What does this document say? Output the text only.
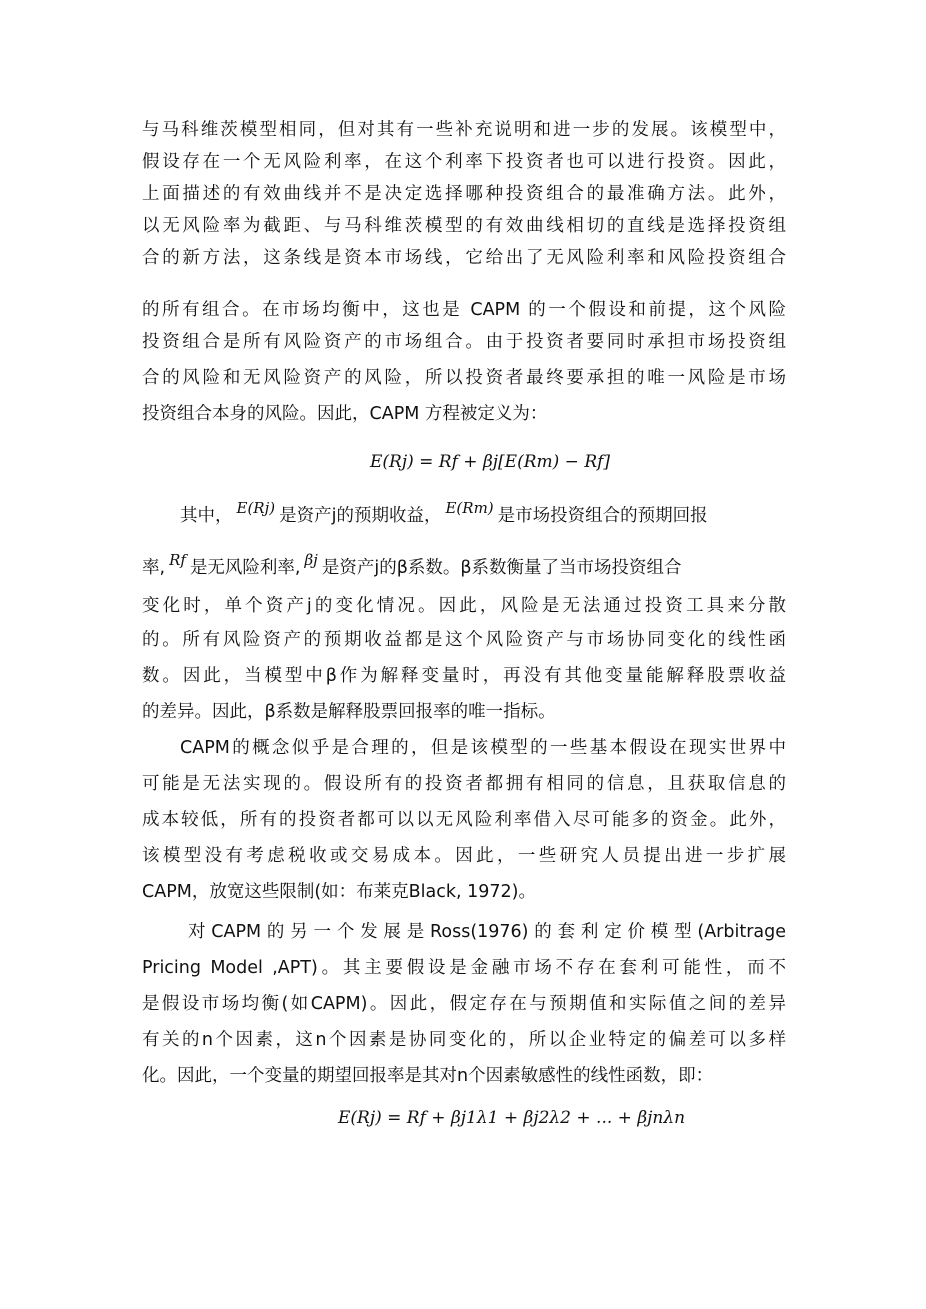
与马科维茨模型相同，但对其有一些补充说明和进一步的发展。该模型中，
假设存在一个无风险利率，在这个利率下投资者也可以进行投资。因此，
上面描述的有效曲线并不是决定选择哪种投资组合的最准确方法。此外，
以无风险率为截距、与马科维茨模型的有效曲线相切的直线是选择投资组
合的新方法，这条线是资本市场线，它给出了无风险利率和风险投资组合
的所有组合。在市场均衡中，这也是 CAPM 的一个假设和前提，这个风险
投资组合是所有风险资产的市场组合。由于投资者要同时承担市场投资组
合的风险和无风险资产的风险，所以投资者最终要承担的唯一风险是市场
投资组合本身的风险。因此，CAPM 方程被定义为：
E(Rj) = Rf + βj[E(Rm) − Rf]
其中， E(Rj) 是资产j的预期收益， E(Rm) 是市场投资组合的预期回报
率, Rf 是无风险利率, βj 是资产j的β系数。β系数衡量了当市场投资组合
变化时，单个资产j的变化情况。因此，风险是无法通过投资工具来分散
的。所有风险资产的预期收益都是这个风险资产与市场协同变化的线性函
数。因此，当模型中β作为解释变量时，再没有其他变量能解释股票收益
的差异。因此，β系数是解释股票回报率的唯一指标。
CAPM的概念似乎是合理的，但是该模型的一些基本假设在现实世界中
可能是无法实现的。假设所有的投资者都拥有相同的信息，且获取信息的
成本较低，所有的投资者都可以以无风险利率借入尽可能多的资金。此外，
该模型没有考虑税收或交易成本。因此，一些研究人员提出进一步扩展
CAPM，放宽这些限制(如：布莱克Black, 1972)。
对CAPM的另一个发展是Ross(1976)的套利定价模型(Arbitrage
Pricing Model ,APT)。其主要假设是金融市场不存在套利可能性，而不
是假设市场均衡(如CAPM)。因此，假定存在与预期值和实际值之间的差异
有关的n个因素，这n个因素是协同变化的，所以企业特定的偏差可以多样
化。因此，一个变量的期望回报率是其对n个因素敏感性的线性函数，即：
E(Rj) = Rf + βj1λ1 + βj2λ2 + ... + βjnλn
